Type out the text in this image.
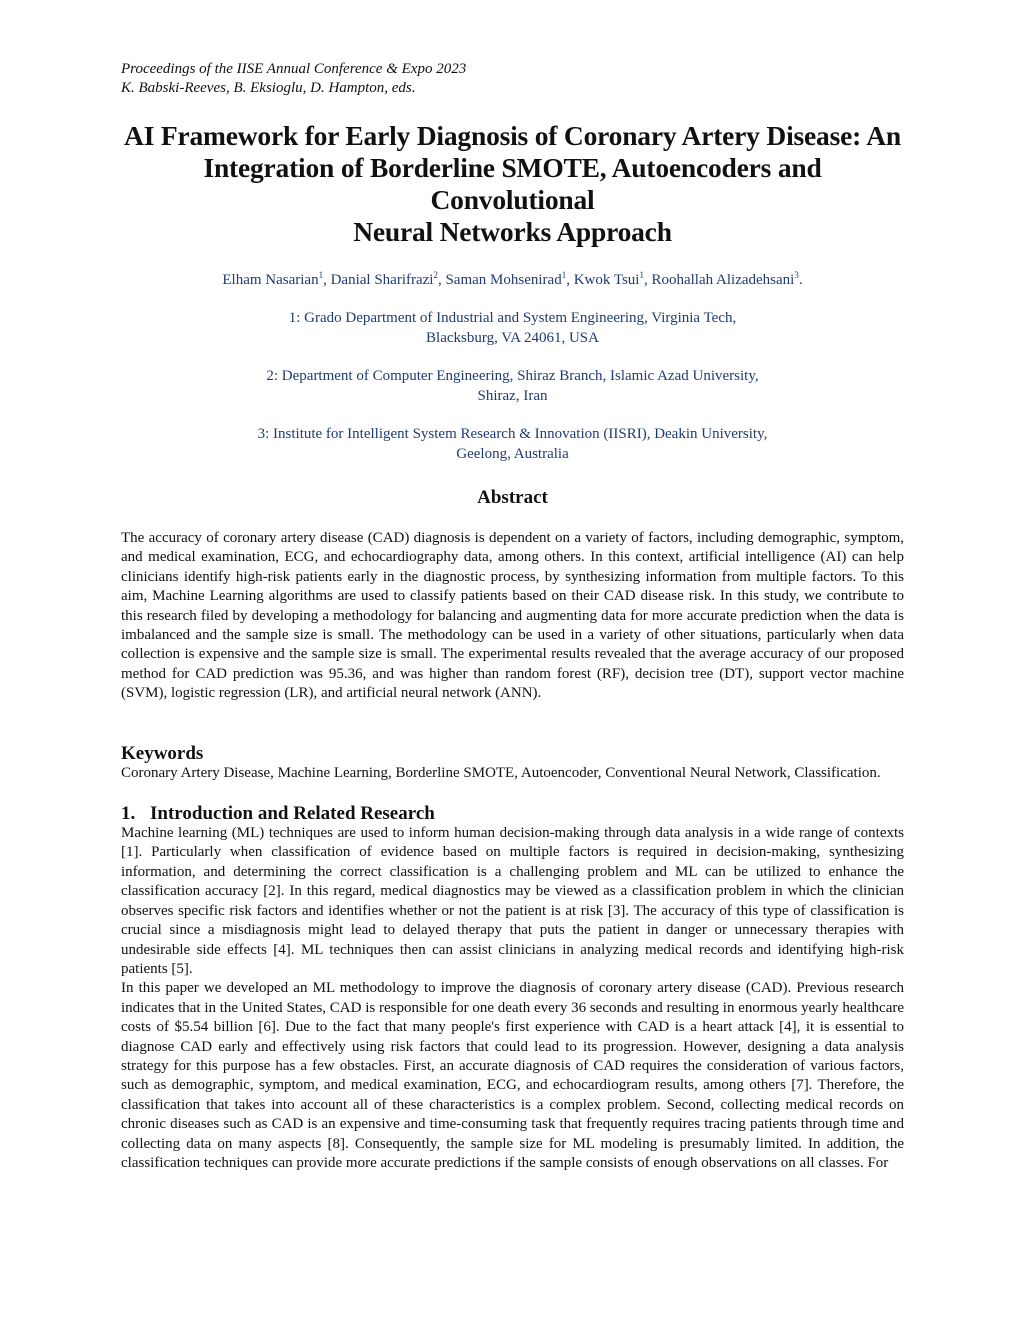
Proceedings of the IISE Annual Conference & Expo 2023

K. Babski-Reeves, B. Eksioglu, D. Hampton, eds.

AI Framework for Early Diagnosis of Coronary Artery Disease: An
Integration of Borderline SMOTE, Autoencoders and Convolutional
Neural Networks Approach
Elham Nasarian$^1$, Danial Sharifrazi$^2$, Saman Mohsenirad$^1$, Kwok Tsui$^1$, Roohallah Alizadehsani$^3$.
1: Grado Department of Industrial and System Engineering, Virginia Tech,
Blacksburg, VA 24061, USA
2: Department of Computer Engineering, Shiraz Branch, Islamic Azad University,
Shiraz, Iran
3: Institute for Intelligent System Research & Innovation (IISRI), Deakin University,
Geelong, Australia
Abstract

The accuracy of coronary artery disease (CAD) diagnosis is dependent on a variety of factors, including demographic, symptom, and medical examination, ECG, and echocardiography data, among others. In this context, artificial intelligence (AI) can help clinicians identify high-risk patients early in the diagnostic process, by synthesizing information from multiple factors. To this aim, Machine Learning algorithms are used to classify patients based on their CAD disease risk. In this study, we contribute to this research filed by developing a methodology for balancing and augmenting data for more accurate prediction when the data is imbalanced and the sample size is small. The methodology can be used in a variety of other situations, particularly when data collection is expensive and the sample size is small. The experimental results revealed that the average accuracy of our proposed method for CAD prediction was 95.36, and was higher than random forest (RF), decision tree (DT), support vector machine (SVM), logistic regression (LR), and artificial neural network (ANN).

Keywords

Coronary Artery Disease, Machine Learning, Borderline SMOTE, Autoencoder, Conventional Neural Network, Classification.

1. Introduction and Related Research

Machine learning (ML) techniques are used to inform human decision-making through data analysis in a wide range of contexts [1]. Particularly when classification of evidence based on multiple factors is required in decision-making, synthesizing information, and determining the correct classification is a challenging problem and ML can be utilized to enhance the classification accuracy [2]. In this regard, medical diagnostics may be viewed as a classification problem in which the clinician observes specific risk factors and identifies whether or not the patient is at risk [3]. The accuracy of this type of classification is crucial since a misdiagnosis might lead to delayed therapy that puts the patient in danger or unnecessary therapies with undesirable side effects [4]. ML techniques then can assist clinicians in analyzing medical records and identifying high-risk patients [5].

In this paper we developed an ML methodology to improve the diagnosis of coronary artery disease (CAD). Previous research indicates that in the United States, CAD is responsible for one death every 36 seconds and resulting in enormous yearly healthcare costs of $5.54 billion [6]. Due to the fact that many people's first experience with CAD is a heart attack [4], it is essential to diagnose CAD early and effectively using risk factors that could lead to its progression. However, designing a data analysis strategy for this purpose has a few obstacles. First, an accurate diagnosis of CAD requires the consideration of various factors, such as demographic, symptom, and medical examination, ECG, and echocardiogram results, among others [7]. Therefore, the classification that takes into account all of these characteristics is a complex problem. Second, collecting medical records on chronic diseases such as CAD is an expensive and time-consuming task that frequently requires tracing patients through time and collecting data on many aspects [8]. Consequently, the sample size for ML modeling is presumably limited. In addition, the classification techniques can provide more accurate predictions if the sample consists of enough observations on all classes. For
